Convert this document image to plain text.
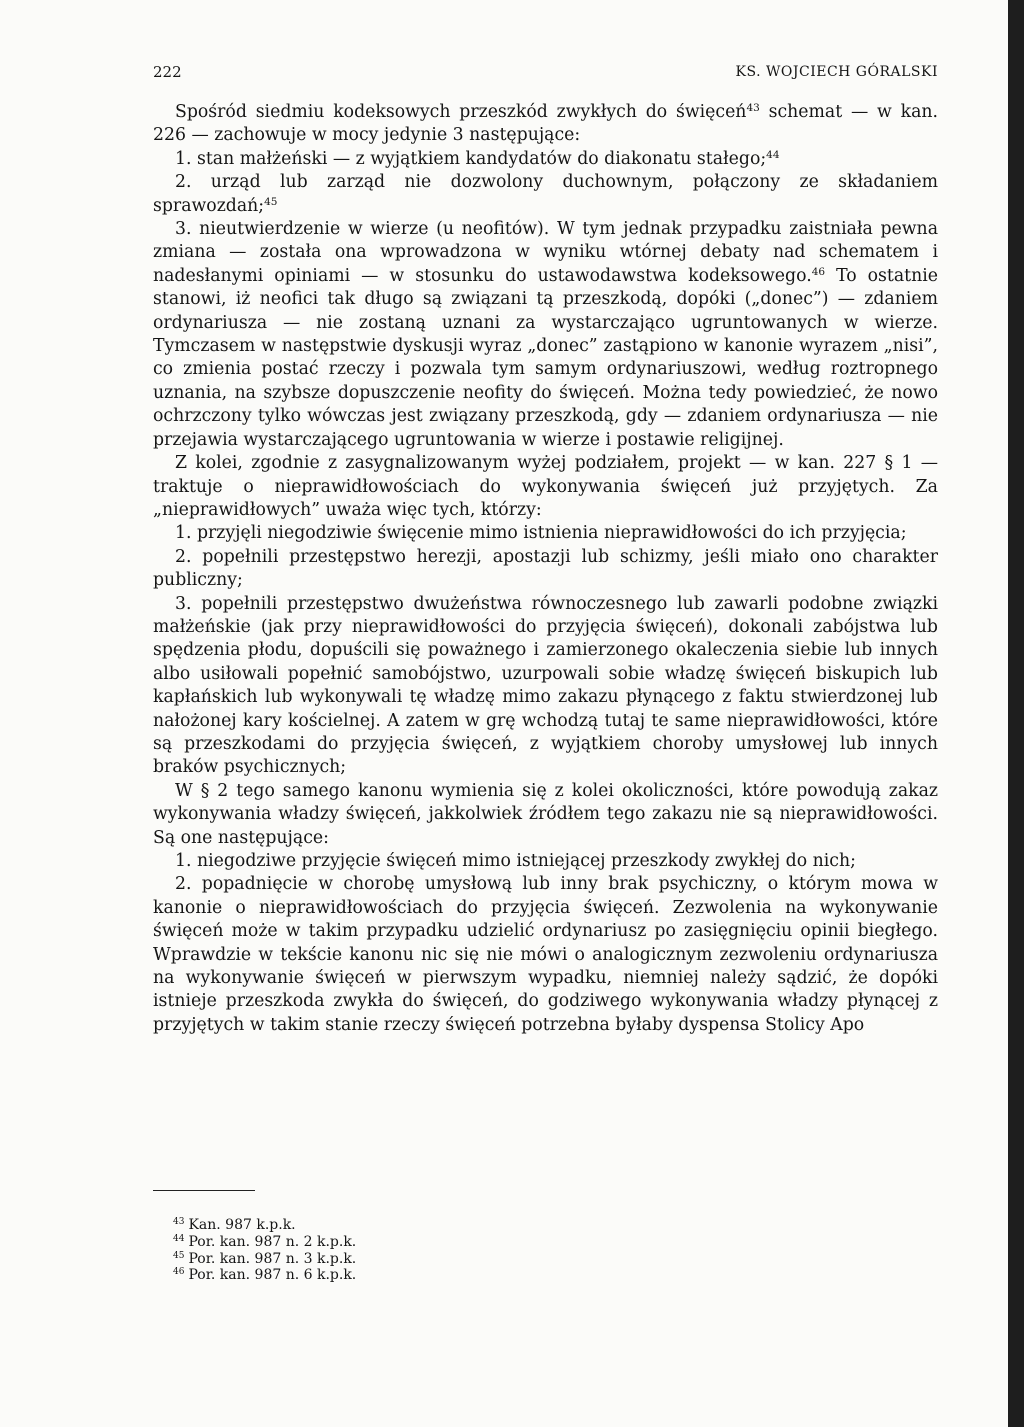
222	KS. WOJCIECH GÓRALSKI

Spośród siedmiu kodeksowych przeszkód zwykłych do święceń$^{43}$ schemat — w kan. 226 — zachowuje w mocy jedynie 3 następujące:

1. stan małżeński — z wyjątkiem kandydatów do diakonatu stałego;$^{44}$

2. urząd lub zarząd nie dozwolony duchownym, połączony ze składaniem sprawozdań;$^{45}$

3. nieutwierdzenie w wierze (u neofitów). W tym jednak przypadku zaistniała pewna zmiana — została ona wprowadzona w wyniku wtórnej debaty nad schematem i nadesłanymi opiniami — w stosunku do ustawodawstwa kodeksowego.$^{46}$ To ostatnie stanowi, iż neofici tak długo są związani tą przeszkodą, dopóki („donec”) — zdaniem ordynariusza — nie zostaną uznani za wystarczająco ugruntowanych w wierze. Tymczasem w następstwie dyskusji wyraz „donec” zastąpiono w kanonie wyrazem „nisi”, co zmienia postać rzeczy i pozwala tym samym ordynariuszowi, według roztropnego uznania, na szybsze dopuszczenie neofity do święceń. Można tedy powiedzieć, że nowo ochrzczony tylko wówczas jest związany przeszkodą, gdy — zdaniem ordynariusza — nie przejawia wystarczającego ugruntowania w wierze i postawie religijnej.

Z kolei, zgodnie z zasygnalizowanym wyżej podziałem, projekt — w kan. 227 § 1 — traktuje o nieprawidłowościach do wykonywania święceń już przyjętych. Za „nieprawidłowych” uważa więc tych, którzy:

1. przyjęli niegodziwie święcenie mimo istnienia nieprawidłowości do ich przyjęcia;

2. popełnili przestępstwo herezji, apostazji lub schizmy, jeśli miało ono charakter publiczny;

3. popełnili przestępstwo dwużeństwa równoczesnego lub zawarli podobne związki małżeńskie (jak przy nieprawidłowości do przyjęcia święceń), dokonali zabójstwa lub spędzenia płodu, dopuścili się poważnego i zamierzonego okaleczenia siebie lub innych albo usiłowali popełnić samobójstwo, uzurpowali sobie władzę święceń biskupich lub kapłańskich lub wykonywali tę władzę mimo zakazu płynącego z faktu stwierdzonej lub nałożonej kary kościelnej. A zatem w grę wchodzą tutaj te same nieprawidłowości, które są przeszkodami do przyjęcia święceń, z wyjątkiem choroby umysłowej lub innych braków psychicznych;

W § 2 tego samego kanonu wymienia się z kolei okoliczności, które powodują zakaz wykonywania władzy święceń, jakkolwiek źródłem tego zakazu nie są nieprawidłowości. Są one następujące:

1. niegodziwe przyjęcie święceń mimo istniejącej przeszkody zwykłej do nich;

2. popadnięcie w chorobę umysłową lub inny brak psychiczny, o którym mowa w kanonie o nieprawidłowościach do przyjęcia święceń. Zezwolenia na wykonywanie święceń może w takim przypadku udzielić ordynariusz po zasięgnięciu opinii biegłego. Wprawdzie w tekście kanonu nic się nie mówi o analogicznym zezwoleniu ordynariusza na wykonywanie święceń w pierwszym wypadku, niemniej należy sądzić, że dopóki istnieje przeszkoda zwykła do święceń, do godziwego wykonywania władzy płynącej z przyjętych w takim stanie rzeczy święceń potrzebna byłaby dyspensa Stolicy Apo

$^{43}$ Kan. 987 k.p.k.
$^{44}$ Por. kan. 987 n. 2 k.p.k.
$^{45}$ Por. kan. 987 n. 3 k.p.k.
$^{46}$ Por. kan. 987 n. 6 k.p.k.
